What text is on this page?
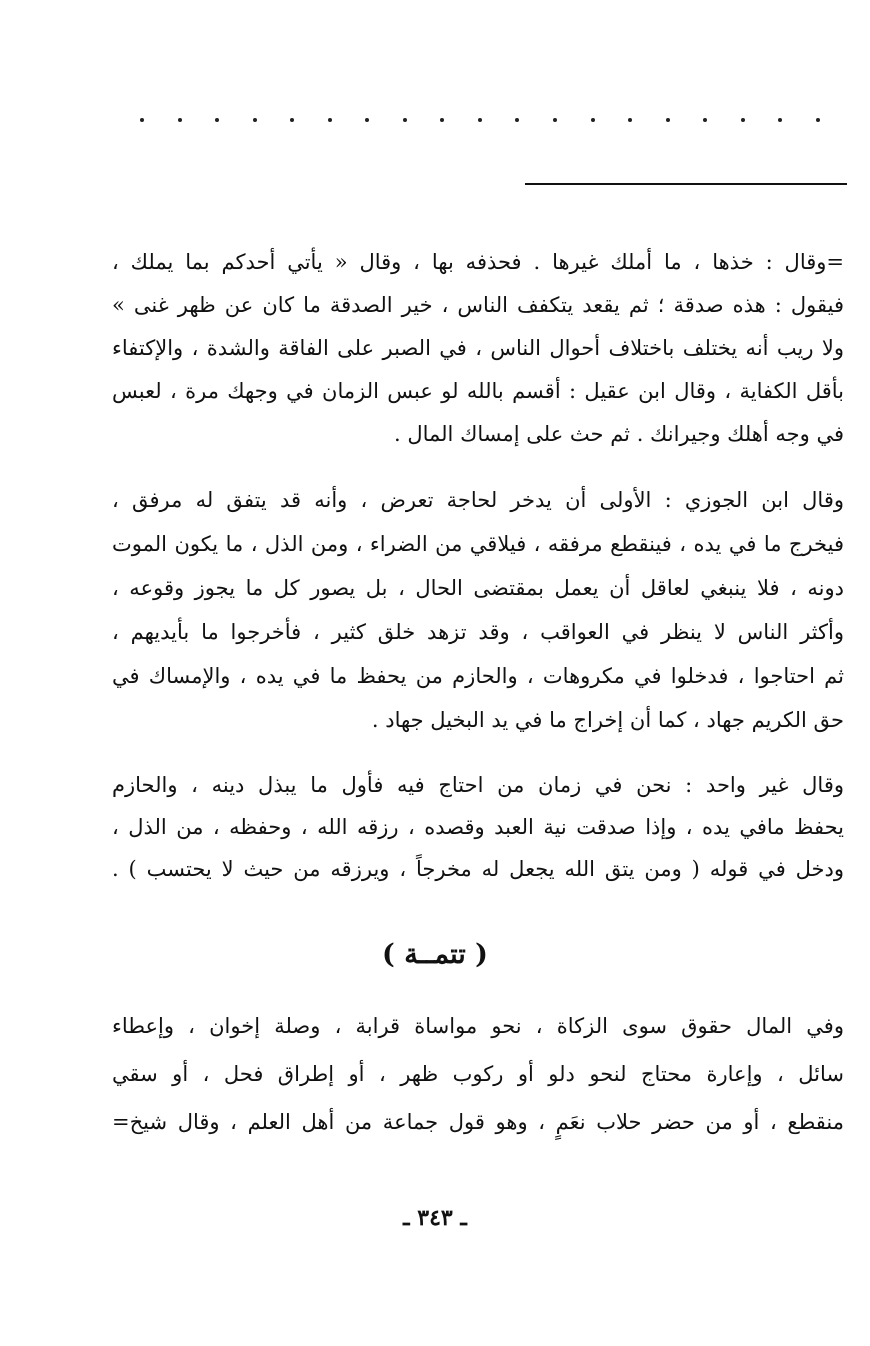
=وقال : خذها ، ما أملك غيرها . فحذفه بها ، وقال « يأتي أحدكم بما يملك ،
فيقول : هذه صدقة ؛ ثم يقعد يتكفف الناس ، خير الصدقة ما كان عن ظهر غنى »
ولا ريب أنه يختلف باختلاف أحوال الناس ، في الصبر على الفاقة والشدة ، والإكتفاء
بأقل الكفاية ، وقال ابن عقيل : أقسم بالله لو عبس الزمان في وجهك مرة ، لعبس
في وجه أهلك وجيرانك . ثم حث على إمساك المال .
وقال ابن الجوزي : الأولى أن يدخر لحاجة تعرض ، وأنه قد يتفق له مرفق ،
فيخرج ما في يده ، فينقطع مرفقه ، فيلاقي من الضراء ، ومن الذل ، ما يكون الموت
دونه ، فلا ينبغي لعاقل أن يعمل بمقتضى الحال ، بل يصور كل ما يجوز وقوعه ،
وأكثر الناس لا ينظر في العواقب ، وقد تزهد خلق كثير ، فأخرجوا ما بأيديهم ،
ثم احتاجوا ، فدخلوا في مكروهات ، والحازم من يحفظ ما في يده ، والإمساك في
حق الكريم جهاد ، كما أن إخراج ما في يد البخيل جهاد .
وقال غير واحد : نحن في زمان من احتاج فيه فأول ما يبذل دينه ، والحازم
يحفظ مافي يده ، وإذا صدقت نية العبد وقصده ، رزقه الله ، وحفظه ، من الذل ،
ودخل في قوله ( ومن يتق الله يجعل له مخرجاً ، ويرزقه من حيث لا يحتسب ) .
( تتمــة )
وفي المال حقوق سوى الزكاة ، نحو مواساة قرابة ، وصلة إخوان ، وإعطاء
سائل ، وإعارة محتاج لنحو دلو أو ركوب ظهر ، أو إطراق فحل ، أو سقي
منقطع ، أو من حضر حلاب نعَمٍ ، وهو قول جماعة من أهل العلم ، وقال شيخ=
ـ ٣٤٣ ـ
